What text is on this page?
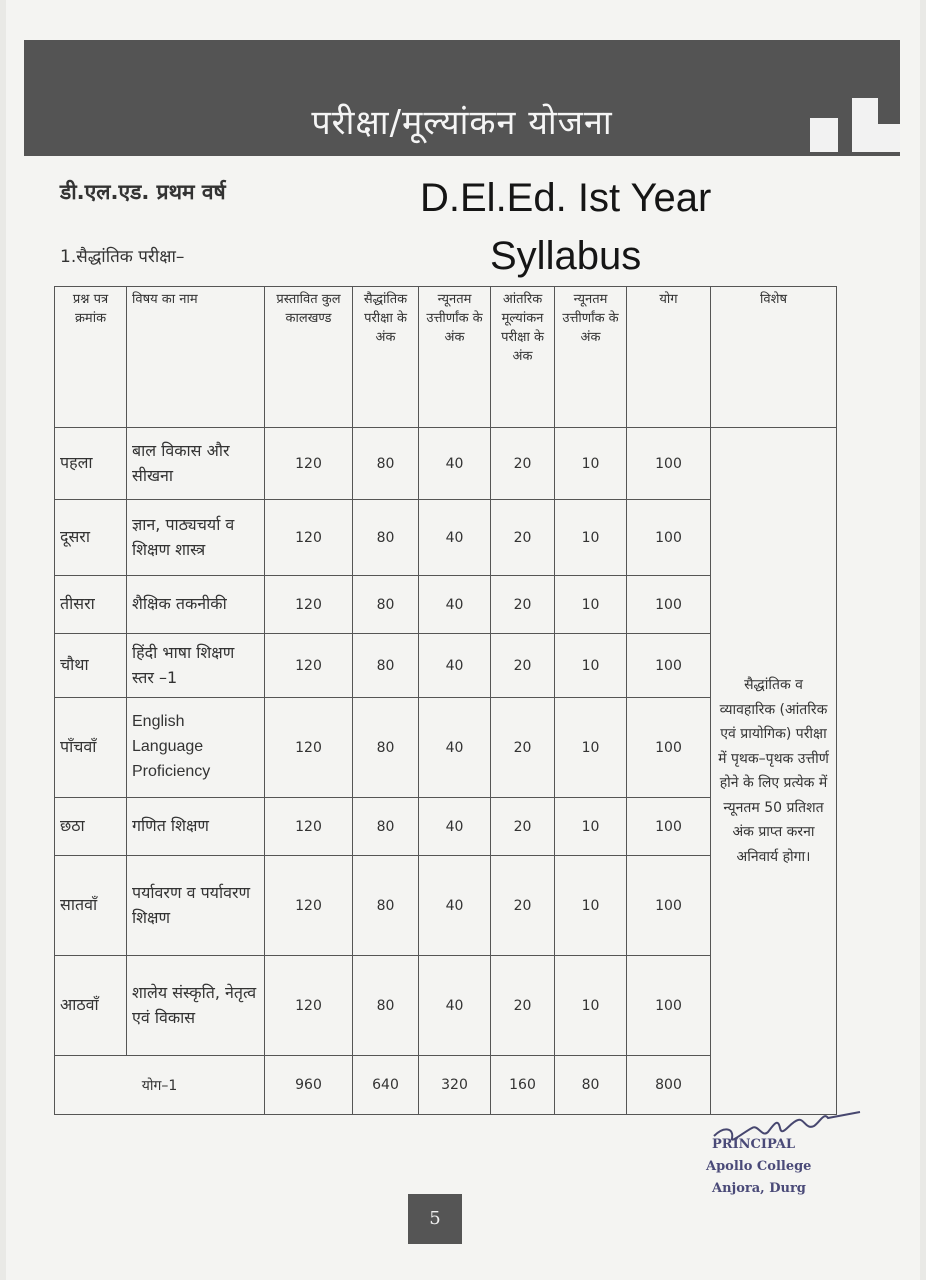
परीक्षा/मूल्यांकन योजना
डी.एल.एड. प्रथम वर्ष	D.El.Ed. Ist Year
Syllabus
1.सैद्धांतिक परीक्षा–
प्रश्न पत्र क्रमांक	विषय का नाम	प्रस्तावित कुल कालखण्ड	सैद्धांतिक परीक्षा के अंक	न्यूनतम उत्तीर्णांक के अंक	आंतरिक मूल्यांकन परीक्षा के अंक	न्यूनतम उत्तीर्णांक के अंक	योग	विशेष
पहला	बाल विकास और सीखना	120	80	40	20	10	100	सैद्धांतिक व व्यावहारिक (आंतरिक एवं प्रायोगिक) परीक्षा में पृथक–पृथक उत्तीर्ण होने के लिए प्रत्येक में न्यूनतम 50 प्रतिशत अंक प्राप्त करना अनिवार्य होगा।
दूसरा	ज्ञान, पाठ्यचर्या व शिक्षण शास्त्र	120	80	40	20	10	100	
तीसरा	शैक्षिक तकनीकी	120	80	40	20	10	100	
चौथा	हिंदी भाषा शिक्षण स्तर –1	120	80	40	20	10	100	
पाँचवाँ	English Language Proficiency	120	80	40	20	10	100	
छठा	गणित शिक्षण	120	80	40	20	10	100	
सातवाँ	पर्यावरण व पर्यावरण शिक्षण	120	80	40	20	10	100	
आठवाँ	शालेय संस्कृति, नेतृत्व एवं विकास	120	80	40	20	10	100	
योग–1		960	640	320	160	80	800	
PRINCIPAL
Apollo College
Anjora, Durg
5
